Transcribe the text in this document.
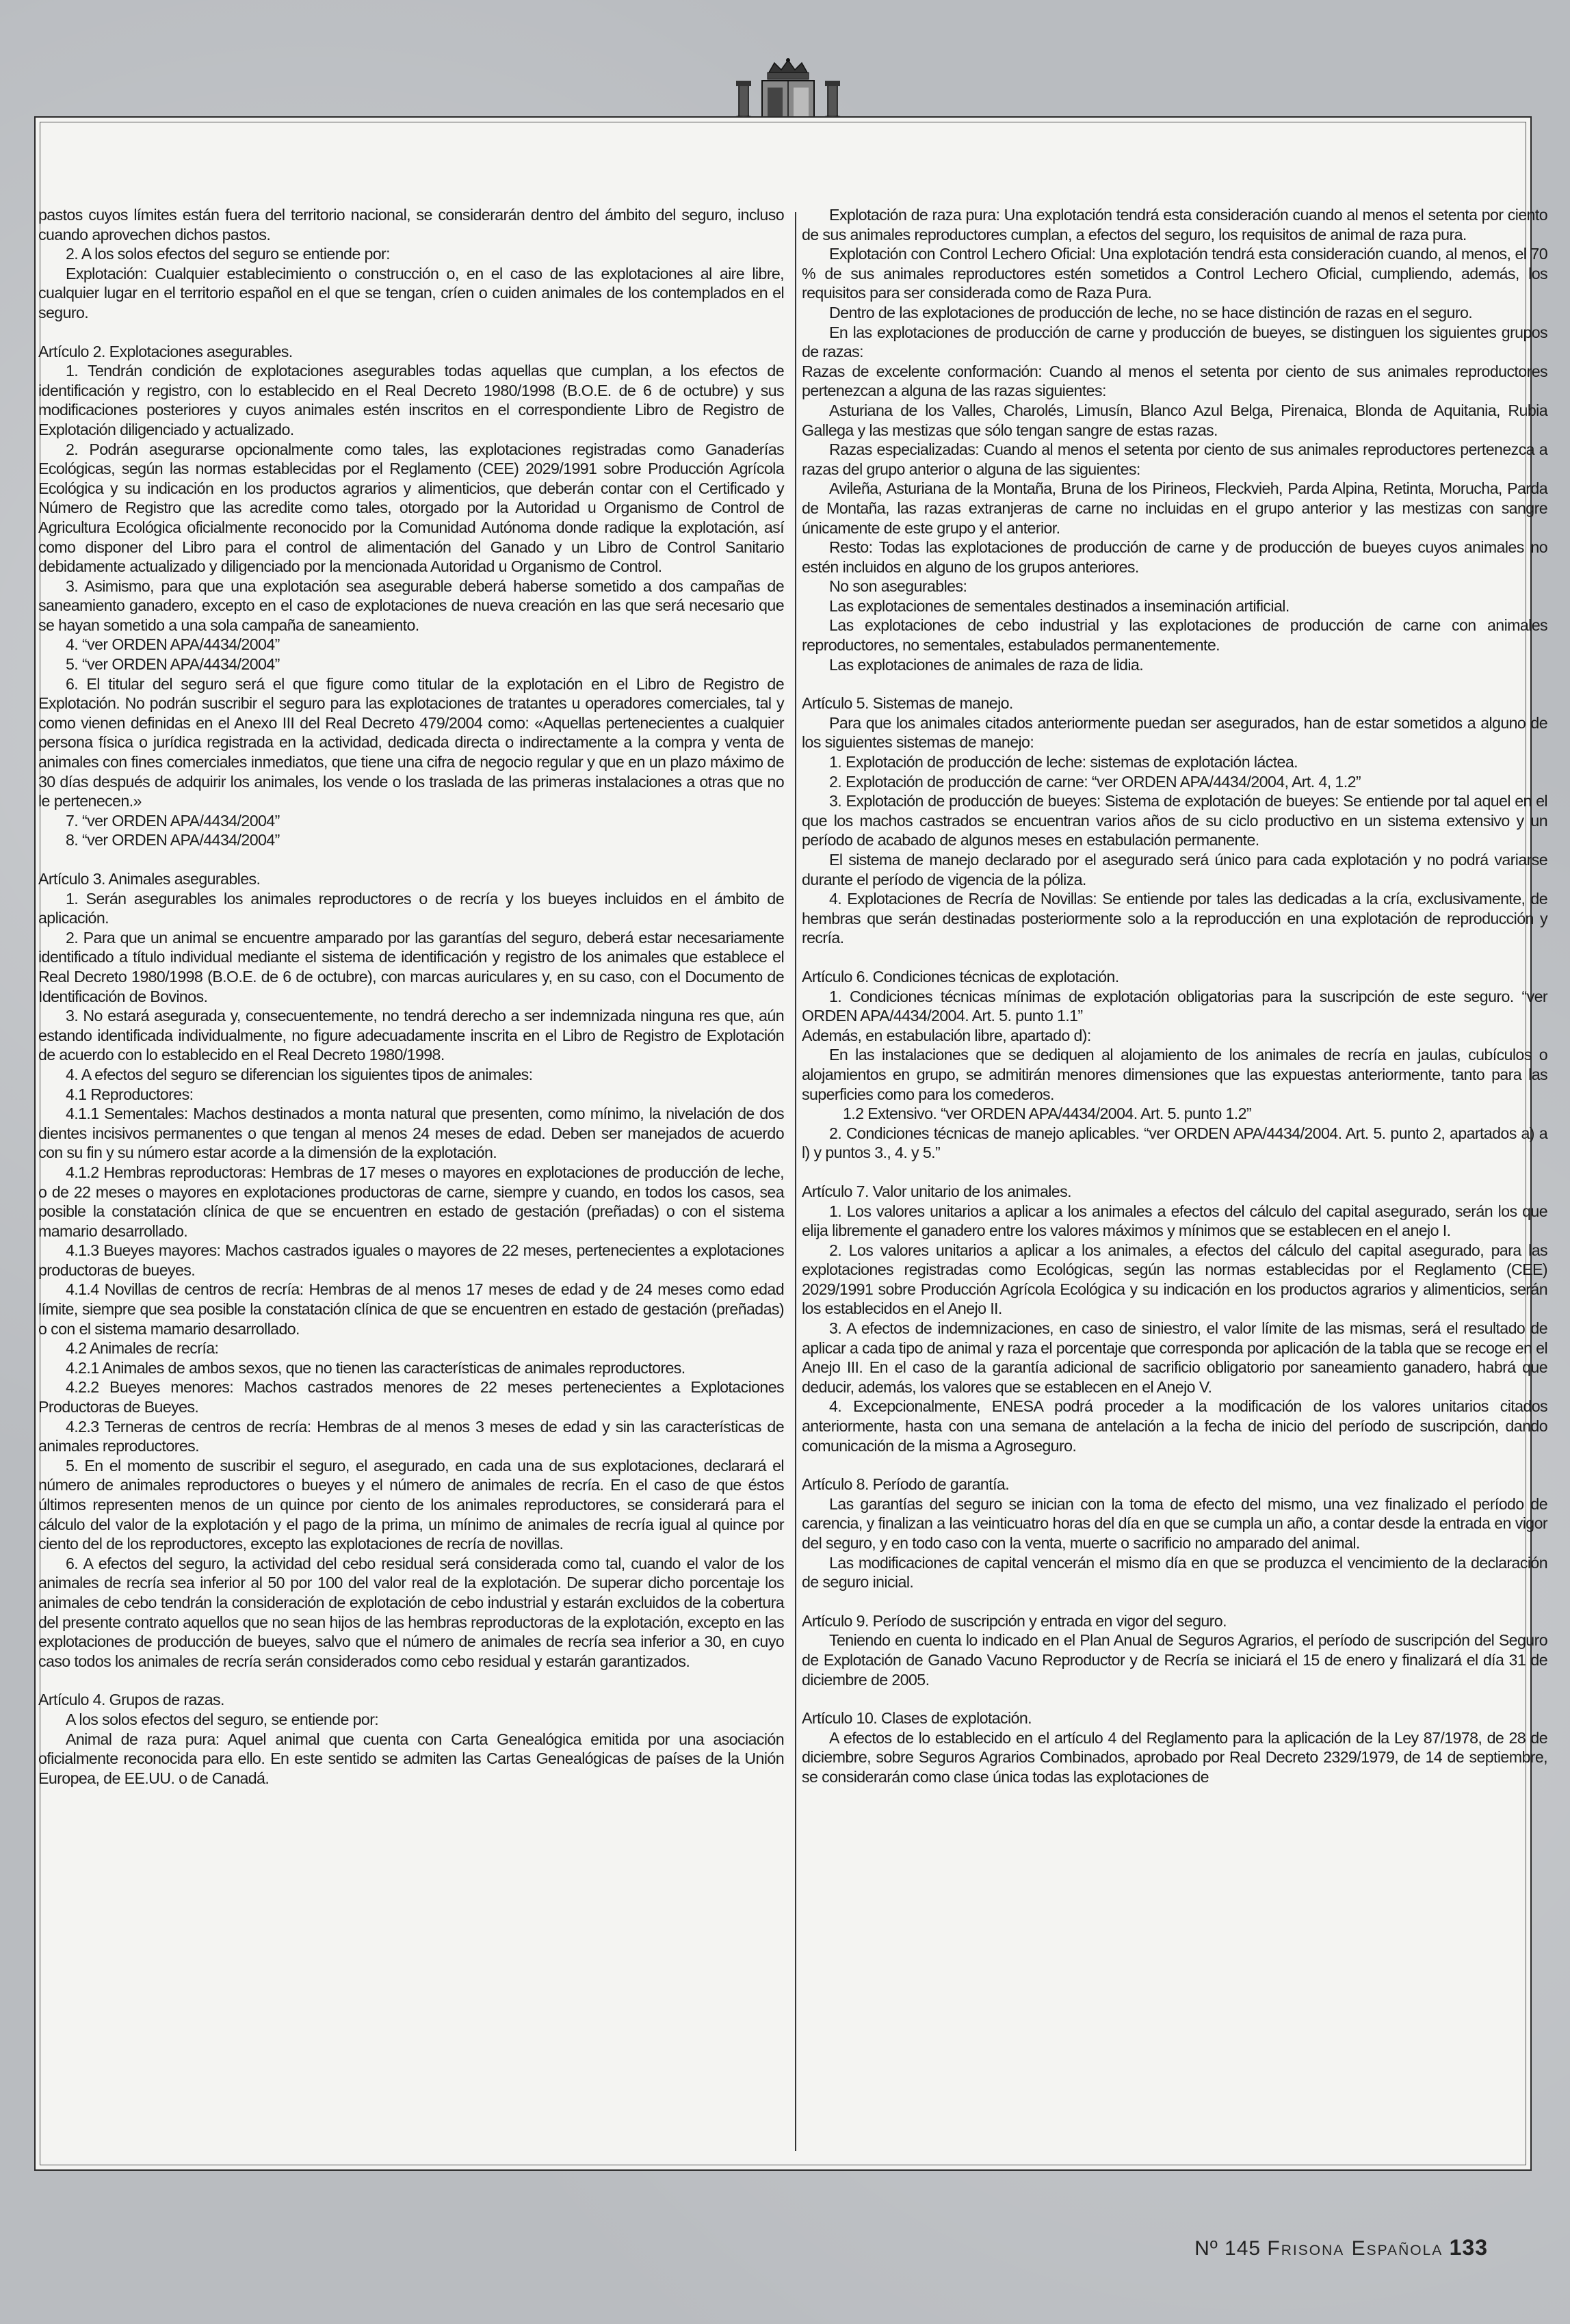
pastos cuyos límites están fuera del territorio nacional, se considerarán dentro del ámbito del seguro, incluso cuando aprovechen dichos pastos.

2. A los solos efectos del seguro se entiende por:

Explotación: Cualquier establecimiento o construcción o, en el caso de las explotaciones al aire libre, cualquier lugar en el territorio español en el que se tengan, críen o cuiden animales de los contemplados en el seguro.

Artículo 2. Explotaciones asegurables.

1. Tendrán condición de explotaciones asegurables todas aquellas que cumplan, a los efectos de identificación y registro, con lo establecido en el Real Decreto 1980/1998 (B.O.E. de 6 de octubre) y sus modificaciones posteriores y cuyos animales estén inscritos en el correspondiente Libro de Registro de Explotación diligenciado y actualizado.

2. Podrán asegurarse opcionalmente como tales, las explotaciones registradas como Ganaderías Ecológicas, según las normas establecidas por el Reglamento (CEE) 2029/1991 sobre Producción Agrícola Ecológica y su indicación en los productos agrarios y alimenticios, que deberán contar con el Certificado y Número de Registro que las acredite como tales, otorgado por la Autoridad u Organismo de Control de Agricultura Ecológica oficialmente reconocido por la Comunidad Autónoma donde radique la explotación, así como disponer del Libro para el control de alimentación del Ganado y un Libro de Control Sanitario debidamente actualizado y diligenciado por la mencionada Autoridad u Organismo de Control.

3. Asimismo, para que una explotación sea asegurable deberá haberse sometido a dos campañas de saneamiento ganadero, excepto en el caso de explotaciones de nueva creación en las que será necesario que se hayan sometido a una sola campaña de saneamiento.

4. “ver ORDEN APA/4434/2004”

5. “ver ORDEN APA/4434/2004”

6. El titular del seguro será el que figure como titular de la explotación en el Libro de Registro de Explotación. No podrán suscribir el seguro para las explotaciones de tratantes u operadores comerciales, tal y como vienen definidas en el Anexo III del Real Decreto 479/2004 como: «Aquellas pertenecientes a cualquier persona física o jurídica registrada en la actividad, dedicada directa o indirectamente a la compra y venta de animales con fines comerciales inmediatos, que tiene una cifra de negocio regular y que en un plazo máximo de 30 días después de adquirir los animales, los vende o los traslada de las primeras instalaciones a otras que no le pertenecen.»

7. “ver ORDEN APA/4434/2004”

8. “ver ORDEN APA/4434/2004”

Artículo 3. Animales asegurables.

1. Serán asegurables los animales reproductores o de recría y los bueyes incluidos en el ámbito de aplicación.

2. Para que un animal se encuentre amparado por las garantías del seguro, deberá estar necesariamente identificado a título individual mediante el sistema de identificación y registro de los animales que establece el Real Decreto 1980/1998 (B.O.E. de 6 de octubre), con marcas auriculares y, en su caso, con el Documento de Identificación de Bovinos.

3. No estará asegurada y, consecuentemente, no tendrá derecho a ser indemnizada ninguna res que, aún estando identificada individualmente, no figure adecuadamente inscrita en el Libro de Registro de Explotación de acuerdo con lo establecido en el Real Decreto 1980/1998.

4. A efectos del seguro se diferencian los siguientes tipos de animales:

4.1 Reproductores:

4.1.1 Sementales: Machos destinados a monta natural que presenten, como mínimo, la nivelación de dos dientes incisivos permanentes o que tengan al menos 24 meses de edad. Deben ser manejados de acuerdo con su fin y su número estar acorde a la dimensión de la explotación.

4.1.2 Hembras reproductoras: Hembras de 17 meses o mayores en explotaciones de producción de leche, o de 22 meses o mayores en explotaciones productoras de carne, siempre y cuando, en todos los casos, sea posible la constatación clínica de que se encuentren en estado de gestación (preñadas) o con el sistema mamario desarrollado.

4.1.3 Bueyes mayores: Machos castrados iguales o mayores de 22 meses, pertenecientes a explotaciones productoras de bueyes.

4.1.4 Novillas de centros de recría: Hembras de al menos 17 meses de edad y de 24 meses como edad límite, siempre que sea posible la constatación clínica de que se encuentren en estado de gestación (preñadas) o con el sistema mamario desarrollado.

4.2 Animales de recría:

4.2.1 Animales de ambos sexos, que no tienen las características de animales reproductores.

4.2.2 Bueyes menores: Machos castrados menores de 22 meses pertenecientes a Explotaciones Productoras de Bueyes.

4.2.3 Terneras de centros de recría: Hembras de al menos 3 meses de edad y sin las características de animales reproductores.

5. En el momento de suscribir el seguro, el asegurado, en cada una de sus explotaciones, declarará el número de animales reproductores o bueyes y el número de animales de recría. En el caso de que éstos últimos representen menos de un quince por ciento de los animales reproductores, se considerará para el cálculo del valor de la explotación y el pago de la prima, un mínimo de animales de recría igual al quince por ciento del de los reproductores, excepto las explotaciones de recría de novillas.

6. A efectos del seguro, la actividad del cebo residual será considerada como tal, cuando el valor de los animales de recría sea inferior al 50 por 100 del valor real de la explotación. De superar dicho porcentaje los animales de cebo tendrán la consideración de explotación de cebo industrial y estarán excluidos de la cobertura del presente contrato aquellos que no sean hijos de las hembras reproductoras de la explotación, excepto en las explotaciones de producción de bueyes, salvo que el número de animales de recría sea inferior a 30, en cuyo caso todos los animales de recría serán considerados como cebo residual y estarán garantizados.

Artículo 4. Grupos de razas.

A los solos efectos del seguro, se entiende por:

Animal de raza pura: Aquel animal que cuenta con Carta Genealógica emitida por una asociación oficialmente reconocida para ello. En este sentido se admiten las Cartas Genealógicas de países de la Unión Europea, de EE.UU. o de Canadá.

Explotación de raza pura: Una explotación tendrá esta consideración cuando al menos el setenta por ciento de sus animales reproductores cumplan, a efectos del seguro, los requisitos de animal de raza pura.

Explotación con Control Lechero Oficial: Una explotación tendrá esta consideración cuando, al menos, el 70 % de sus animales reproductores estén sometidos a Control Lechero Oficial, cumpliendo, además, los requisitos para ser considerada como de Raza Pura.

Dentro de las explotaciones de producción de leche, no se hace distinción de razas en el seguro.

En las explotaciones de producción de carne y producción de bueyes, se distinguen los siguientes grupos de razas:

Razas de excelente conformación: Cuando al menos el setenta por ciento de sus animales reproductores pertenezcan a alguna de las razas siguientes:

Asturiana de los Valles, Charolés, Limusín, Blanco Azul Belga, Pirenaica, Blonda de Aquitania, Rubia Gallega y las mestizas que sólo tengan sangre de estas razas.

Razas especializadas: Cuando al menos el setenta por ciento de sus animales reproductores pertenezca a razas del grupo anterior o alguna de las siguientes:

Avileña, Asturiana de la Montaña, Bruna de los Pirineos, Fleckvieh, Parda Alpina, Retinta, Morucha, Parda de Montaña, las razas extranjeras de carne no incluidas en el grupo anterior y las mestizas con sangre únicamente de este grupo y el anterior.

Resto: Todas las explotaciones de producción de carne y de producción de bueyes cuyos animales no estén incluidos en alguno de los grupos anteriores.

No son asegurables:

Las explotaciones de sementales destinados a inseminación artificial.

Las explotaciones de cebo industrial y las explotaciones de producción de carne con animales reproductores, no sementales, estabulados permanentemente.

Las explotaciones de animales de raza de lidia.

Artículo 5. Sistemas de manejo.

Para que los animales citados anteriormente puedan ser asegurados, han de estar sometidos a alguno de los siguientes sistemas de manejo:

1. Explotación de producción de leche: sistemas de explotación láctea.

2. Explotación de producción de carne: “ver ORDEN APA/4434/2004, Art. 4, 1.2”

3. Explotación de producción de bueyes: Sistema de explotación de bueyes: Se entiende por tal aquel en el que los machos castrados se encuentran varios años de su ciclo productivo en un sistema extensivo y un período de acabado de algunos meses en estabulación permanente.

El sistema de manejo declarado por el asegurado será único para cada explotación y no podrá variarse durante el período de vigencia de la póliza.

4. Explotaciones de Recría de Novillas: Se entiende por tales las dedicadas a la cría, exclusivamente, de hembras que serán destinadas posteriormente solo a la reproducción en una explotación de reproducción y recría.

Artículo 6. Condiciones técnicas de explotación.

1. Condiciones técnicas mínimas de explotación obligatorias para la suscripción de este seguro. “ver ORDEN APA/4434/2004. Art. 5. punto 1.1”

Además, en estabulación libre, apartado d):

En las instalaciones que se dediquen al alojamiento de los animales de recría en jaulas, cubículos o alojamientos en grupo, se admitirán menores dimensiones que las expuestas anteriormente, tanto para las superficies como para los comederos.

1.2 Extensivo. “ver ORDEN APA/4434/2004. Art. 5. punto 1.2”

2. Condiciones técnicas de manejo aplicables. “ver ORDEN APA/4434/2004. Art. 5. punto 2, apartados a) a l) y puntos 3., 4. y 5.”

Artículo 7. Valor unitario de los animales.

1. Los valores unitarios a aplicar a los animales a efectos del cálculo del capital asegurado, serán los que elija libremente el ganadero entre los valores máximos y mínimos que se establecen en el anejo I.

2. Los valores unitarios a aplicar a los animales, a efectos del cálculo del capital asegurado, para las explotaciones registradas como Ecológicas, según las normas establecidas por el Reglamento (CEE) 2029/1991 sobre Producción Agrícola Ecológica y su indicación en los productos agrarios y alimenticios, serán los establecidos en el Anejo II.

3. A efectos de indemnizaciones, en caso de siniestro, el valor límite de las mismas, será el resultado de aplicar a cada tipo de animal y raza el porcentaje que corresponda por aplicación de la tabla que se recoge en el Anejo III. En el caso de la garantía adicional de sacrificio obligatorio por saneamiento ganadero, habrá que deducir, además, los valores que se establecen en el Anejo V.

4. Excepcionalmente, ENESA podrá proceder a la modificación de los valores unitarios citados anteriormente, hasta con una semana de antelación a la fecha de inicio del período de suscripción, dando comunicación de la misma a Agroseguro.

Artículo 8. Período de garantía.

Las garantías del seguro se inician con la toma de efecto del mismo, una vez finalizado el período de carencia, y finalizan a las veinticuatro horas del día en que se cumpla un año, a contar desde la entrada en vigor del seguro, y en todo caso con la venta, muerte o sacrificio no amparado del animal.

Las modificaciones de capital vencerán el mismo día en que se produzca el vencimiento de la declaración de seguro inicial.

Artículo 9. Período de suscripción y entrada en vigor del seguro.

Teniendo en cuenta lo indicado en el Plan Anual de Seguros Agrarios, el período de suscripción del Seguro de Explotación de Ganado Vacuno Reproductor y de Recría se iniciará el 15 de enero y finalizará el día 31 de diciembre de 2005.

Artículo 10. Clases de explotación.

A efectos de lo establecido en el artículo 4 del Reglamento para la aplicación de la Ley 87/1978, de 28 de diciembre, sobre Seguros Agrarios Combinados, aprobado por Real Decreto 2329/1979, de 14 de septiembre, se considerarán como clase única todas las explotaciones de

Nº 145 Frisona Española 133
